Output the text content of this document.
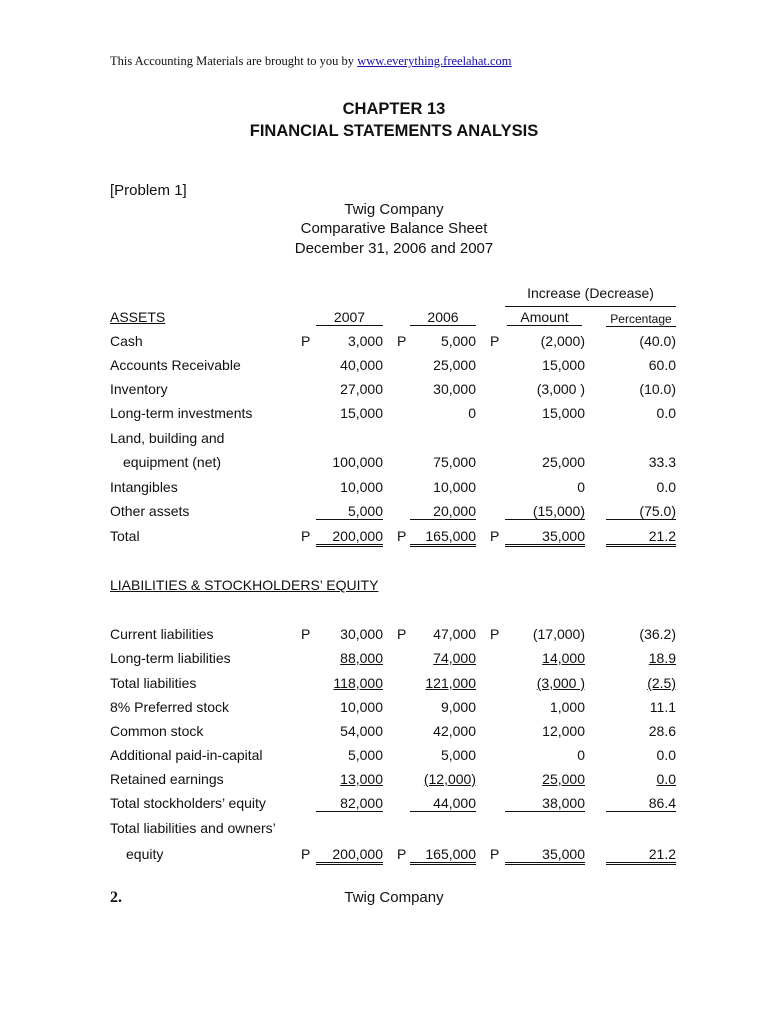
This Accounting Materials are brought to you by www.everything.freelahat.com
CHAPTER 13
FINANCIAL STATEMENTS ANALYSIS
[Problem 1]
Twig Company
Comparative Balance Sheet
December 31, 2006 and 2007
Increase (Decrease)
ASSETS	2007	2006	Amount	Percentage
Cash	P	3,000 P	5,000 P	(2,000)	(40.0)
Accounts Receivable	40,000	25,000	15,000	60.0
Inventory	27,000	30,000	(3,000 )	(10.0)
Long-term investments	15,000	0	15,000	0.0
Land, building and
equipment (net)	100,000	75,000	25,000	33.3
Intangibles	10,000	10,000	0	0.0
Other assets	5,000	20,000	(15,000)	(75.0)
Total	P	200,000 P	165,000 P	35,000	21.2
LIABILITIES & STOCKHOLDERS’ EQUITY
Current liabilities	P	30,000 P	47,000 P	(17,000)	(36.2)
Long-term liabilities	88,000	74,000	14,000	18.9
Total liabilities	118,000	121,000	(3,000 )	(2.5)
8% Preferred stock	10,000	9,000	1,000	11.1
Common stock	54,000	42,000	12,000	28.6
Additional paid-in-capital	5,000	5,000	0	0.0
Retained earnings	13,000	(12,000)	25,000	0.0
Total stockholders’ equity	82,000	44,000	38,000	86.4
Total liabilities and owners’
equity	P	200,000 P	165,000 P	35,000	21.2
2.	Twig Company
